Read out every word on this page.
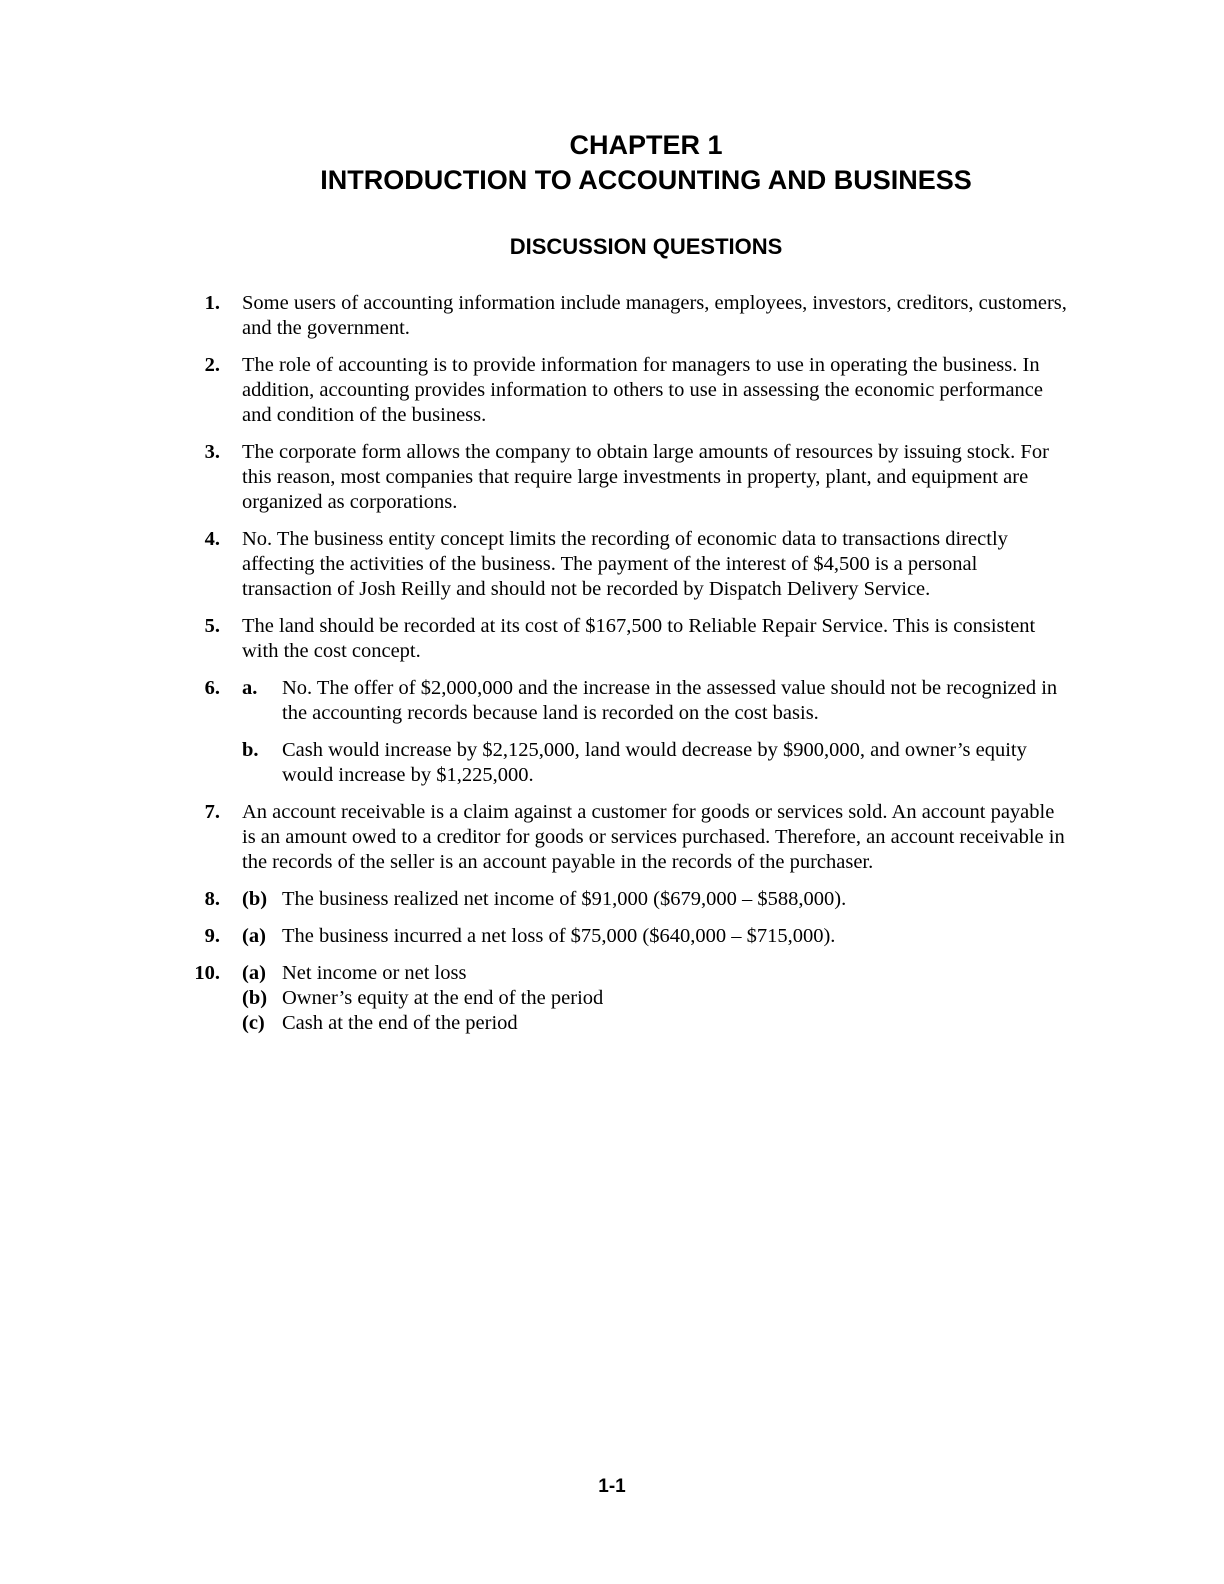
CHAPTER 1
INTRODUCTION TO ACCOUNTING AND BUSINESS
DISCUSSION QUESTIONS
1. Some users of accounting information include managers, employees, investors, creditors, customers, and the government.
2. The role of accounting is to provide information for managers to use in operating the business. In addition, accounting provides information to others to use in assessing the economic performance and condition of the business.
3. The corporate form allows the company to obtain large amounts of resources by issuing stock. For this reason, most companies that require large investments in property, plant, and equipment are organized as corporations.
4. No. The business entity concept limits the recording of economic data to transactions directly affecting the activities of the business. The payment of the interest of $4,500 is a personal transaction of Josh Reilly and should not be recorded by Dispatch Delivery Service.
5. The land should be recorded at its cost of $167,500 to Reliable Repair Service. This is consistent with the cost concept.
6. a. No. The offer of $2,000,000 and the increase in the assessed value should not be recognized in the accounting records because land is recorded on the cost basis.
b. Cash would increase by $2,125,000, land would decrease by $900,000, and owner’s equity would increase by $1,225,000.
7. An account receivable is a claim against a customer for goods or services sold. An account payable is an amount owed to a creditor for goods or services purchased. Therefore, an account receivable in the records of the seller is an account payable in the records of the purchaser.
8. (b) The business realized net income of $91,000 ($679,000 – $588,000).
9. (a) The business incurred a net loss of $75,000 ($640,000 – $715,000).
10. (a) Net income or net loss
(b) Owner’s equity at the end of the period
(c) Cash at the end of the period
1-1
